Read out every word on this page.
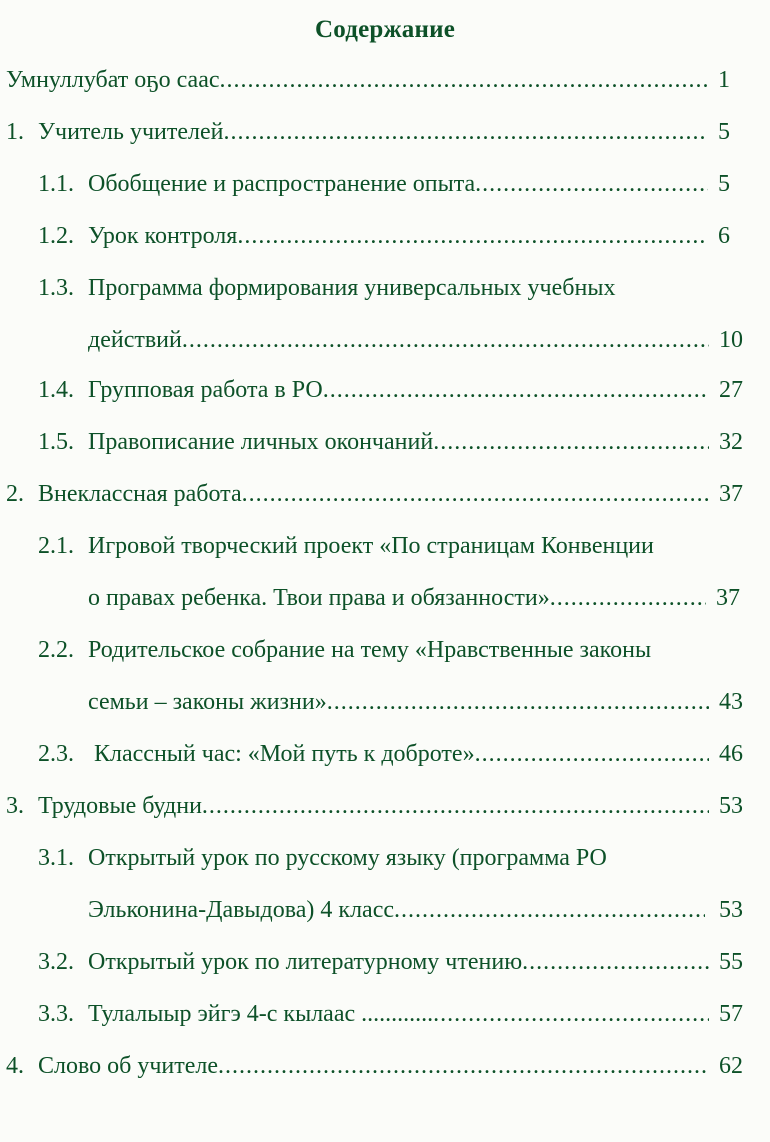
Содержание
Умнуллубат оҕо саас .....	1
1. Учитель учителей .....	5
1.1. Обобщение и распространение опыта .....	5
1.2. Урок контроля .....	6
1.3. Программа формирования универсальных учебных
действий .....	10
1.4. Групповая работа в РО .....	27
1.5. Правописание личных окончаний .....	32
2. Внеклассная работа .....	37
2.1. Игровой творческий проект «По страницам Конвенции
о правах ребенка. Твои права и обязанности» .....	37
2.2. Родительское собрание на тему «Нравственные законы
семьи – законы жизни» .....	43
2.3. Классный час: «Мой путь к доброте» .....	46
3. Трудовые будни .....	53
3.1. Открытый урок по русскому языку (программа РО
Эльконина-Давыдова) 4 класс .....	53
3.2. Открытый урок по литературному чтению .....	55
3.3. Тулалыыр эйгэ 4-с кылаас ............ .....	57
4. Слово об учителе .....	62
